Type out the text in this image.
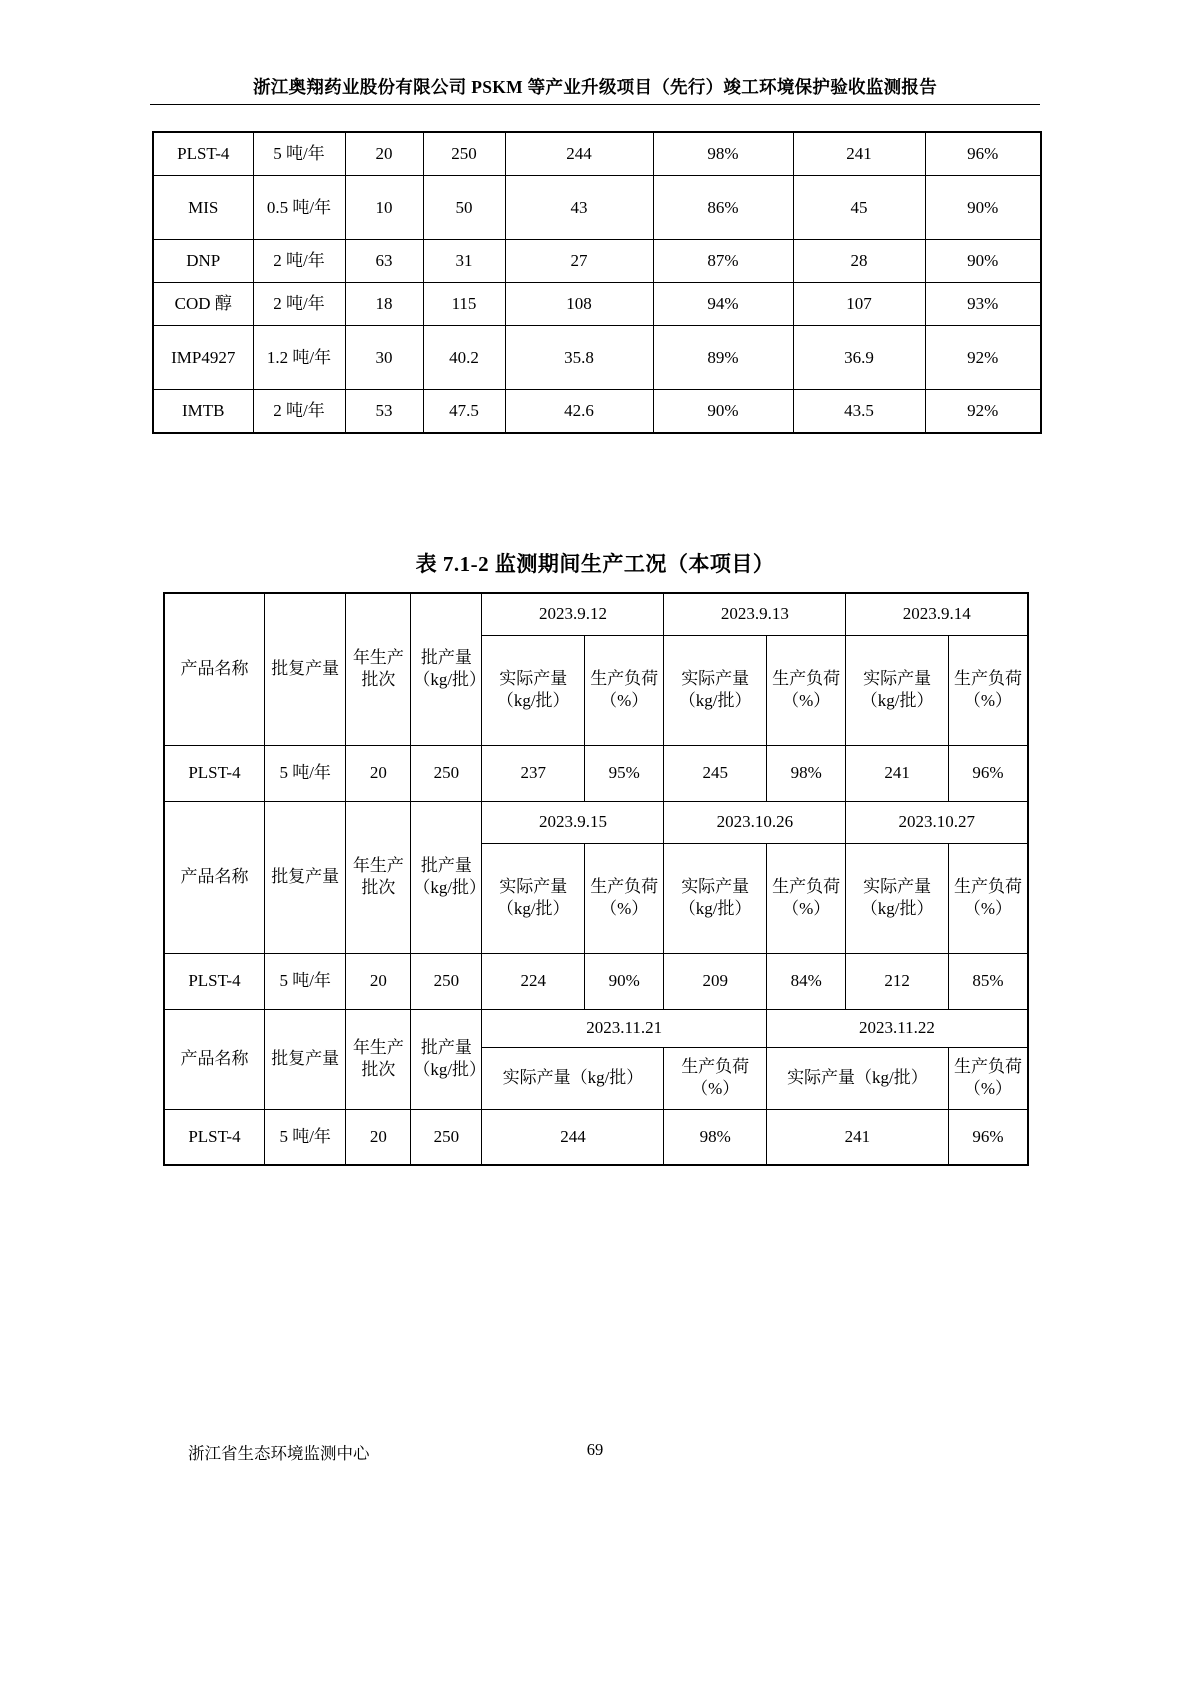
浙江奥翔药业股份有限公司 PSKM 等产业升级项目（先行）竣工环境保护验收监测报告
PLST-4	5 吨/年	20	250	244	98%	241	96%
MIS	0.5 吨/年	10	50	43	86%	45	90%
DNP	2 吨/年	63	31	27	87%	28	90%
COD 醇	2 吨/年	18	115	108	94%	107	93%
IMP4927	1.2 吨/年	30	40.2	35.8	89%	36.9	92%
IMTB	2 吨/年	53	47.5	42.6	90%	43.5	92%
表 7.1-2 监测期间生产工况（本项目）
产品名称	批复产量	年生产批次	批产量（kg/批）	2023.9.12		2023.9.13		2023.9.14	

				实际产量（kg/批）	生产负荷（%）	实际产量（kg/批）	生产负荷（%）	实际产量（kg/批）	生产负荷（%）

PLST-4	5 吨/年	20	250	237	95%	245	98%	241	96%

产品名称	批复产量	年生产批次	批产量（kg/批）	2023.9.15		2023.10.26		2023.10.27	

				实际产量（kg/批）	生产负荷（%）	实际产量（kg/批）	生产负荷（%）	实际产量（kg/批）	生产负荷（%）

PLST-4	5 吨/年	20	250	224	90%	209	84%	212	85%

产品名称	批复产量	年生产批次	批产量（kg/批）	2023.11.21			2023.11.22		

				实际产量（kg/批）		生产负荷（%）	实际产量（kg/批）		生产负荷（%）

PLST-4	5 吨/年	20	250	244		98%	241		96%
浙江省生态环境监测中心	69
